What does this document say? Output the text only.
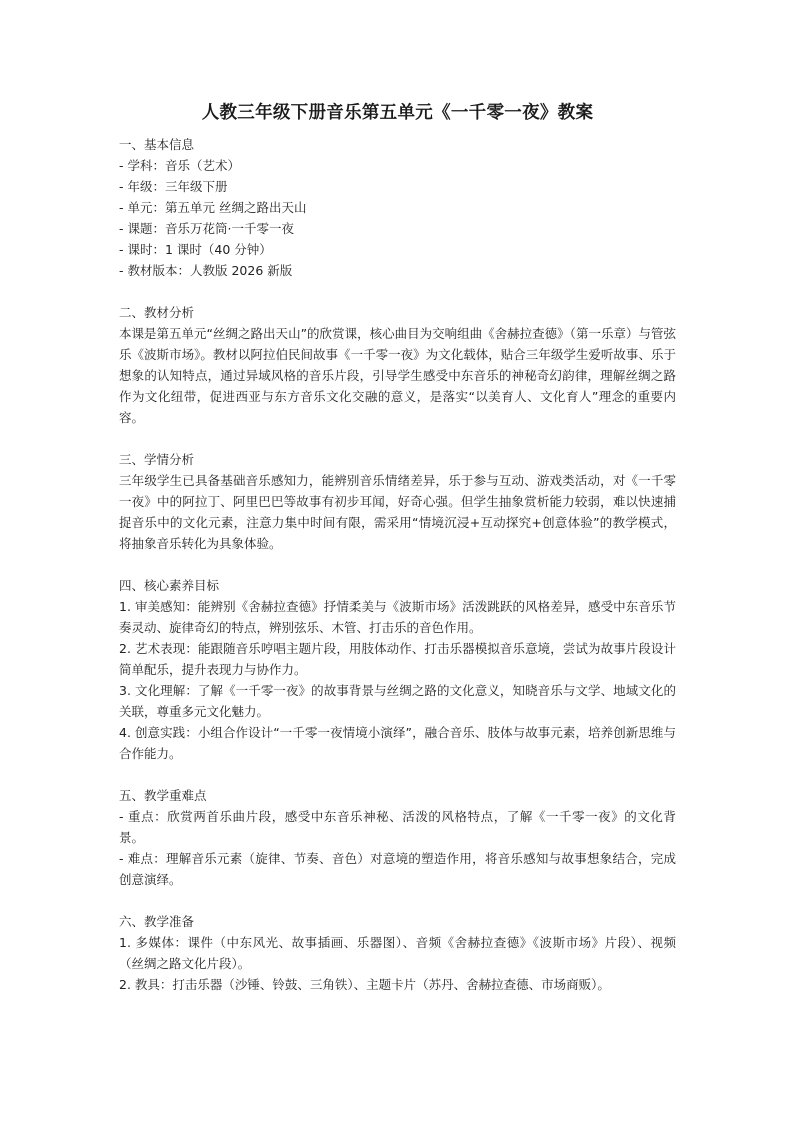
人教三年级下册音乐第五单元《一千零一夜》教案

一、基本信息

- 学科：音乐（艺术）

- 年级：三年级下册

- 单元：第五单元 丝绸之路出天山

- 课题：音乐万花筒·一千零一夜

- 课时：1 课时（40 分钟）

- 教材版本：人教版 2026 新版

二、教材分析

本课是第五单元“丝绸之路出天山”的欣赏课，核心曲目为交响组曲《舍赫拉查德》（第一乐章）与管弦乐《波斯市场》。教材以阿拉伯民间故事《一千零一夜》为文化载体，贴合三年级学生爱听故事、乐于想象的认知特点，通过异域风格的音乐片段，引导学生感受中东音乐的神秘奇幻韵律，理解丝绸之路作为文化纽带，促进西亚与东方音乐文化交融的意义，是落实“以美育人、文化育人”理念的重要内容。

三、学情分析

三年级学生已具备基础音乐感知力，能辨别音乐情绪差异，乐于参与互动、游戏类活动，对《一千零一夜》中的阿拉丁、阿里巴巴等故事有初步耳闻，好奇心强。但学生抽象赏析能力较弱，难以快速捕捉音乐中的文化元素，注意力集中时间有限，需采用“情境沉浸+互动探究+创意体验”的教学模式，将抽象音乐转化为具象体验。

四、核心素养目标

1. 审美感知：能辨别《舍赫拉查德》抒情柔美与《波斯市场》活泼跳跃的风格差异，感受中东音乐节奏灵动、旋律奇幻的特点，辨别弦乐、木管、打击乐的音色作用。

2. 艺术表现：能跟随音乐哼唱主题片段，用肢体动作、打击乐器模拟音乐意境，尝试为故事片段设计简单配乐，提升表现力与协作力。

3. 文化理解：了解《一千零一夜》的故事背景与丝绸之路的文化意义，知晓音乐与文学、地域文化的关联，尊重多元文化魅力。

4. 创意实践：小组合作设计“一千零一夜情境小演绎”，融合音乐、肢体与故事元素，培养创新思维与合作能力。

五、教学重难点

- 重点：欣赏两首乐曲片段，感受中东音乐神秘、活泼的风格特点，了解《一千零一夜》的文化背景。

- 难点：理解音乐元素（旋律、节奏、音色）对意境的塑造作用，将音乐感知与故事想象结合，完成创意演绎。

六、教学准备

1. 多媒体：课件（中东风光、故事插画、乐器图）、音频《舍赫拉查德》《波斯市场》片段）、视频（丝绸之路文化片段）。

2. 教具：打击乐器（沙锤、铃鼓、三角铁）、主题卡片（苏丹、舍赫拉查德、市场商贩）。
